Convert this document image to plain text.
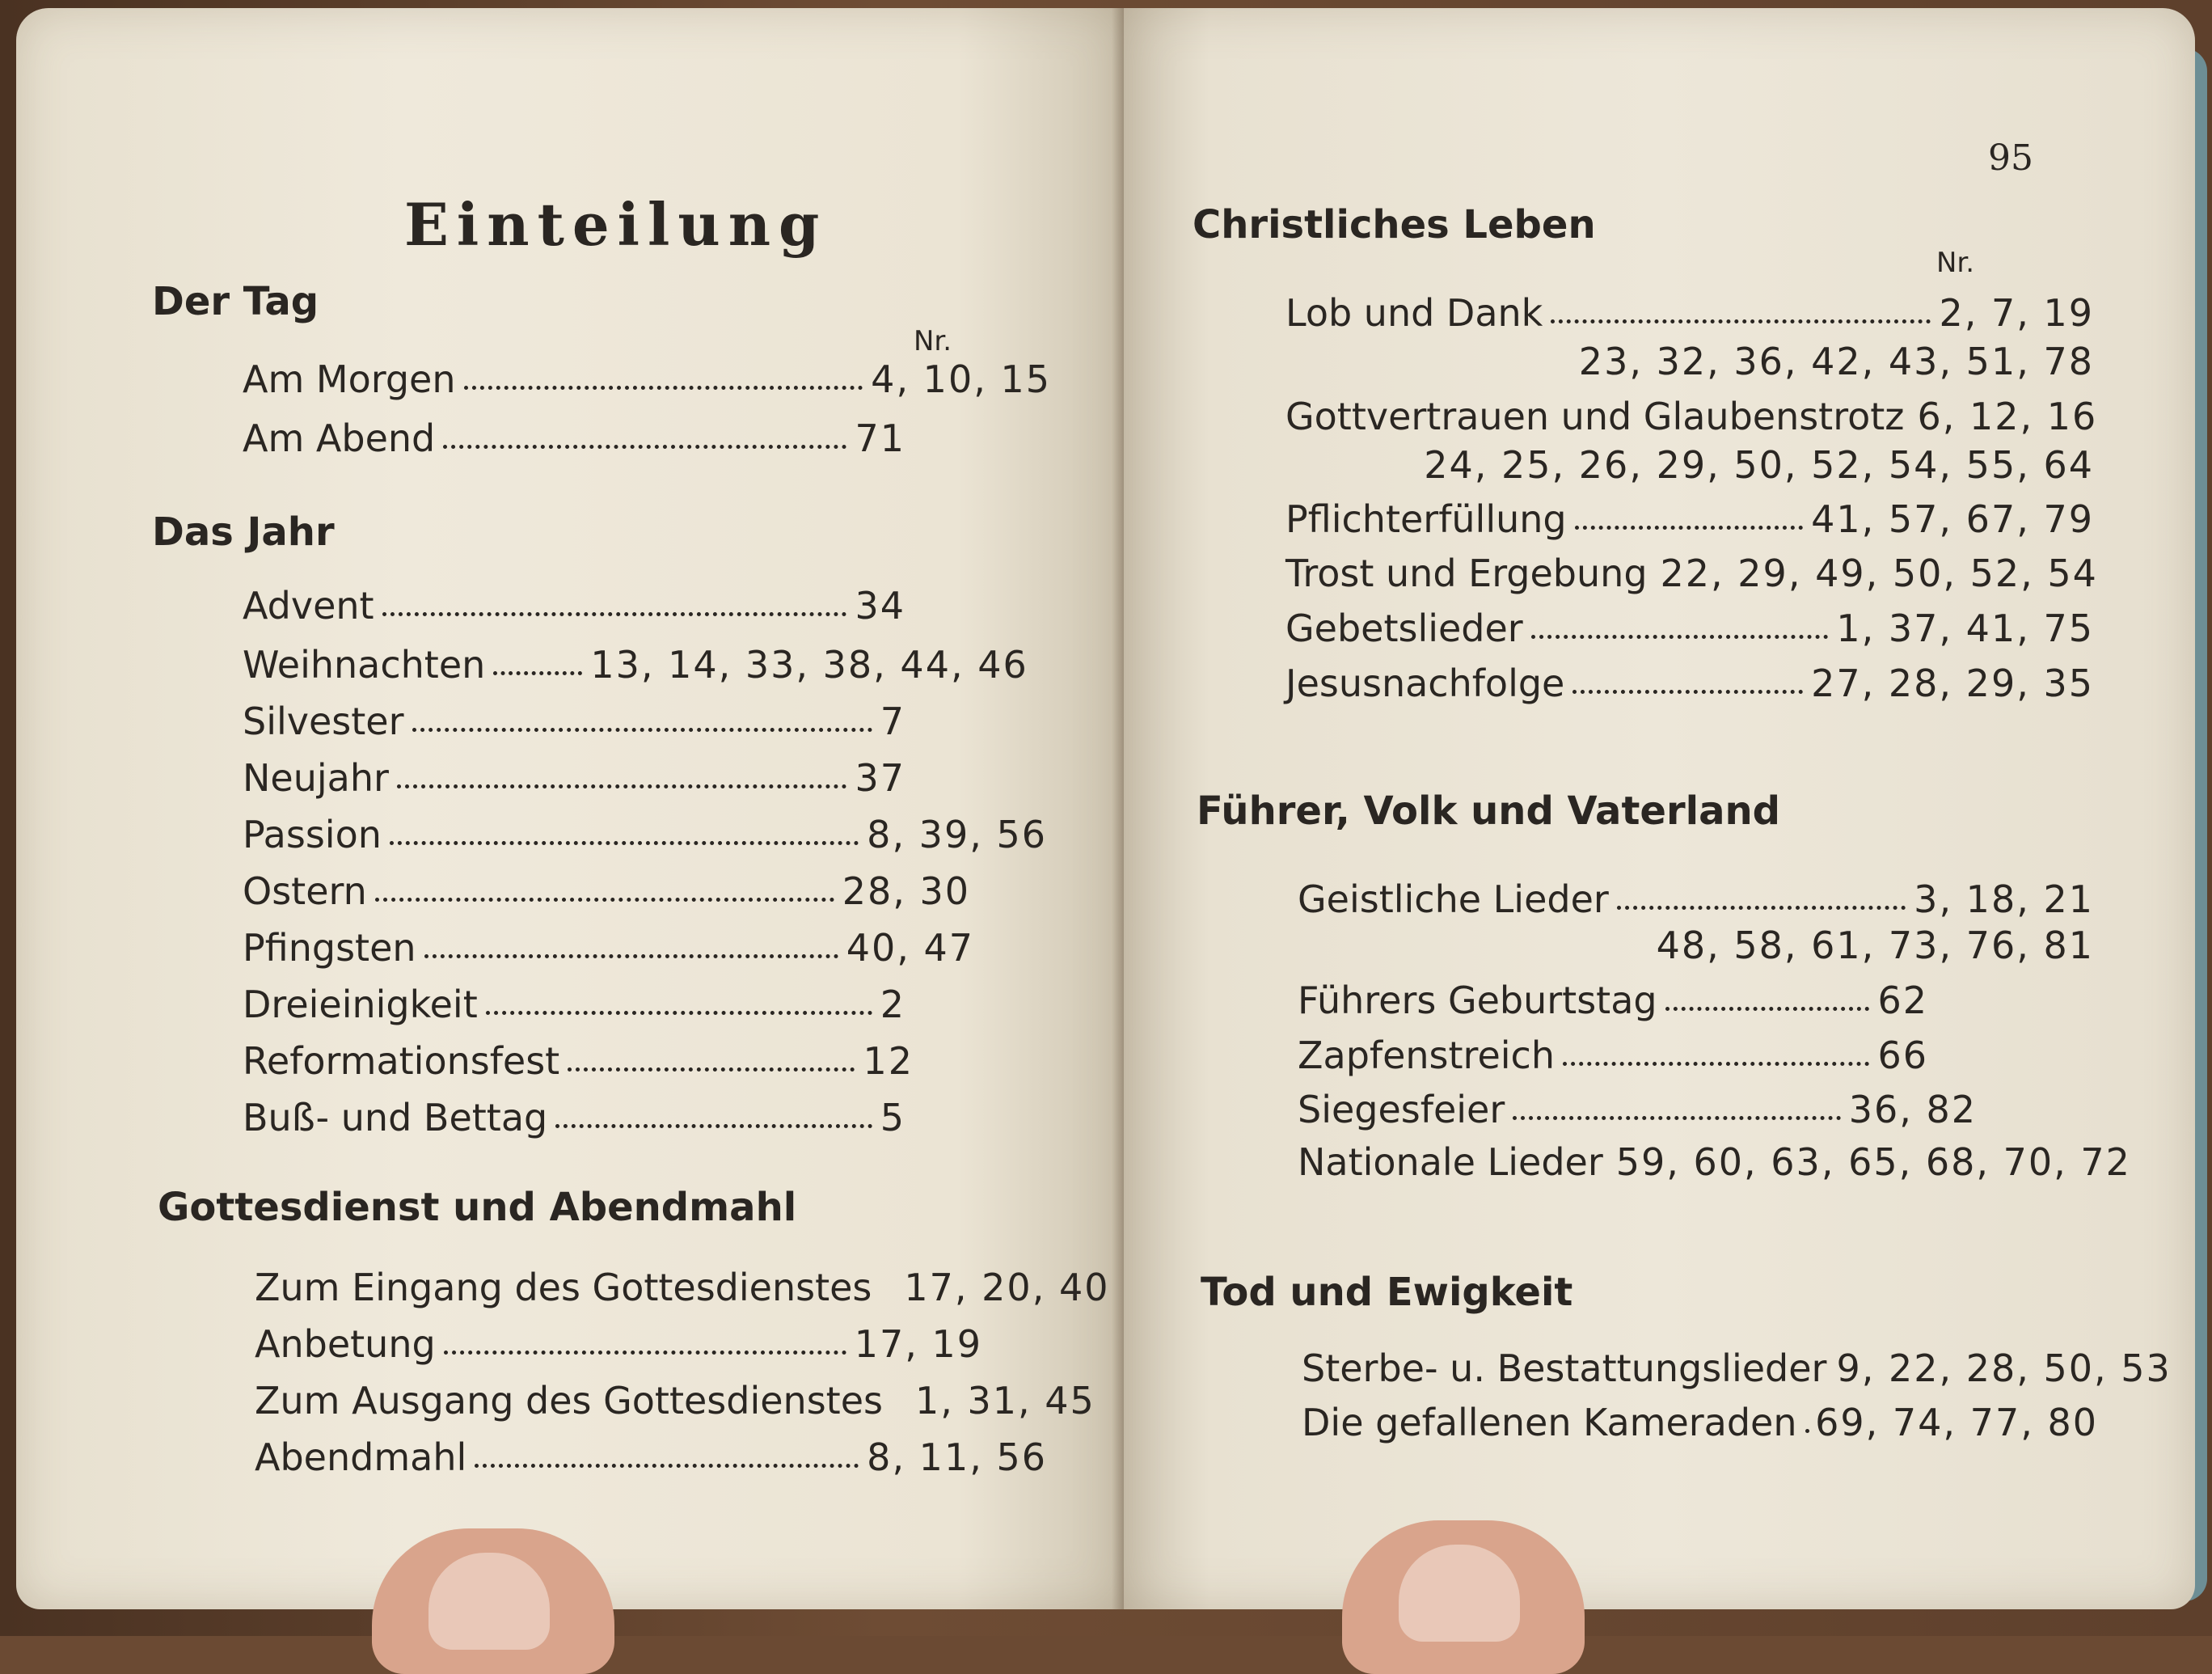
Einteilung
Der Tag
Nr.
Am Morgen	4, 10, 15
Am Abend	71
Das Jahr
Advent	34
Weihnachten	13, 14, 33, 38, 44, 46
Silvester	7
Neujahr	37
Passion	8, 39, 56
Ostern	28, 30
Pfingsten	40, 47
Dreieinigkeit	2
Reformationsfest	12
Buß- und Bettag	5
Gottesdienst und Abendmahl
Zum Eingang des Gottesdienstes 17, 20, 40
Anbetung	17, 19
Zum Ausgang des Gottesdienstes 1, 31, 45
Abendmahl	8, 11, 56
95
Christliches Leben
Nr.
Lob und Dank	2, 7, 19
23, 32, 36, 42, 43, 51, 78
Gottvertrauen und Glaubenstrotz 6, 12, 16
24, 25, 26, 29, 50, 52, 54, 55, 64
Pflichterfüllung	41, 57, 67, 79
Trost und Ergebung 22, 29, 49, 50, 52, 54
Gebetslieder	1, 37, 41, 75
Jesusnachfolge	27, 28, 29, 35
Führer, Volk und Vaterland
Geistliche Lieder	3, 18, 21
48, 58, 61, 73, 76, 81
Führers Geburtstag	62
Zapfenstreich	66
Siegesfeier	36, 82
Nationale Lieder 59, 60, 63, 65, 68, 70, 72
Tod und Ewigkeit
Sterbe- u. Bestattungslieder 9, 22, 28, 50, 53
Die gefallenen Kameraden 69, 74, 77, 80
